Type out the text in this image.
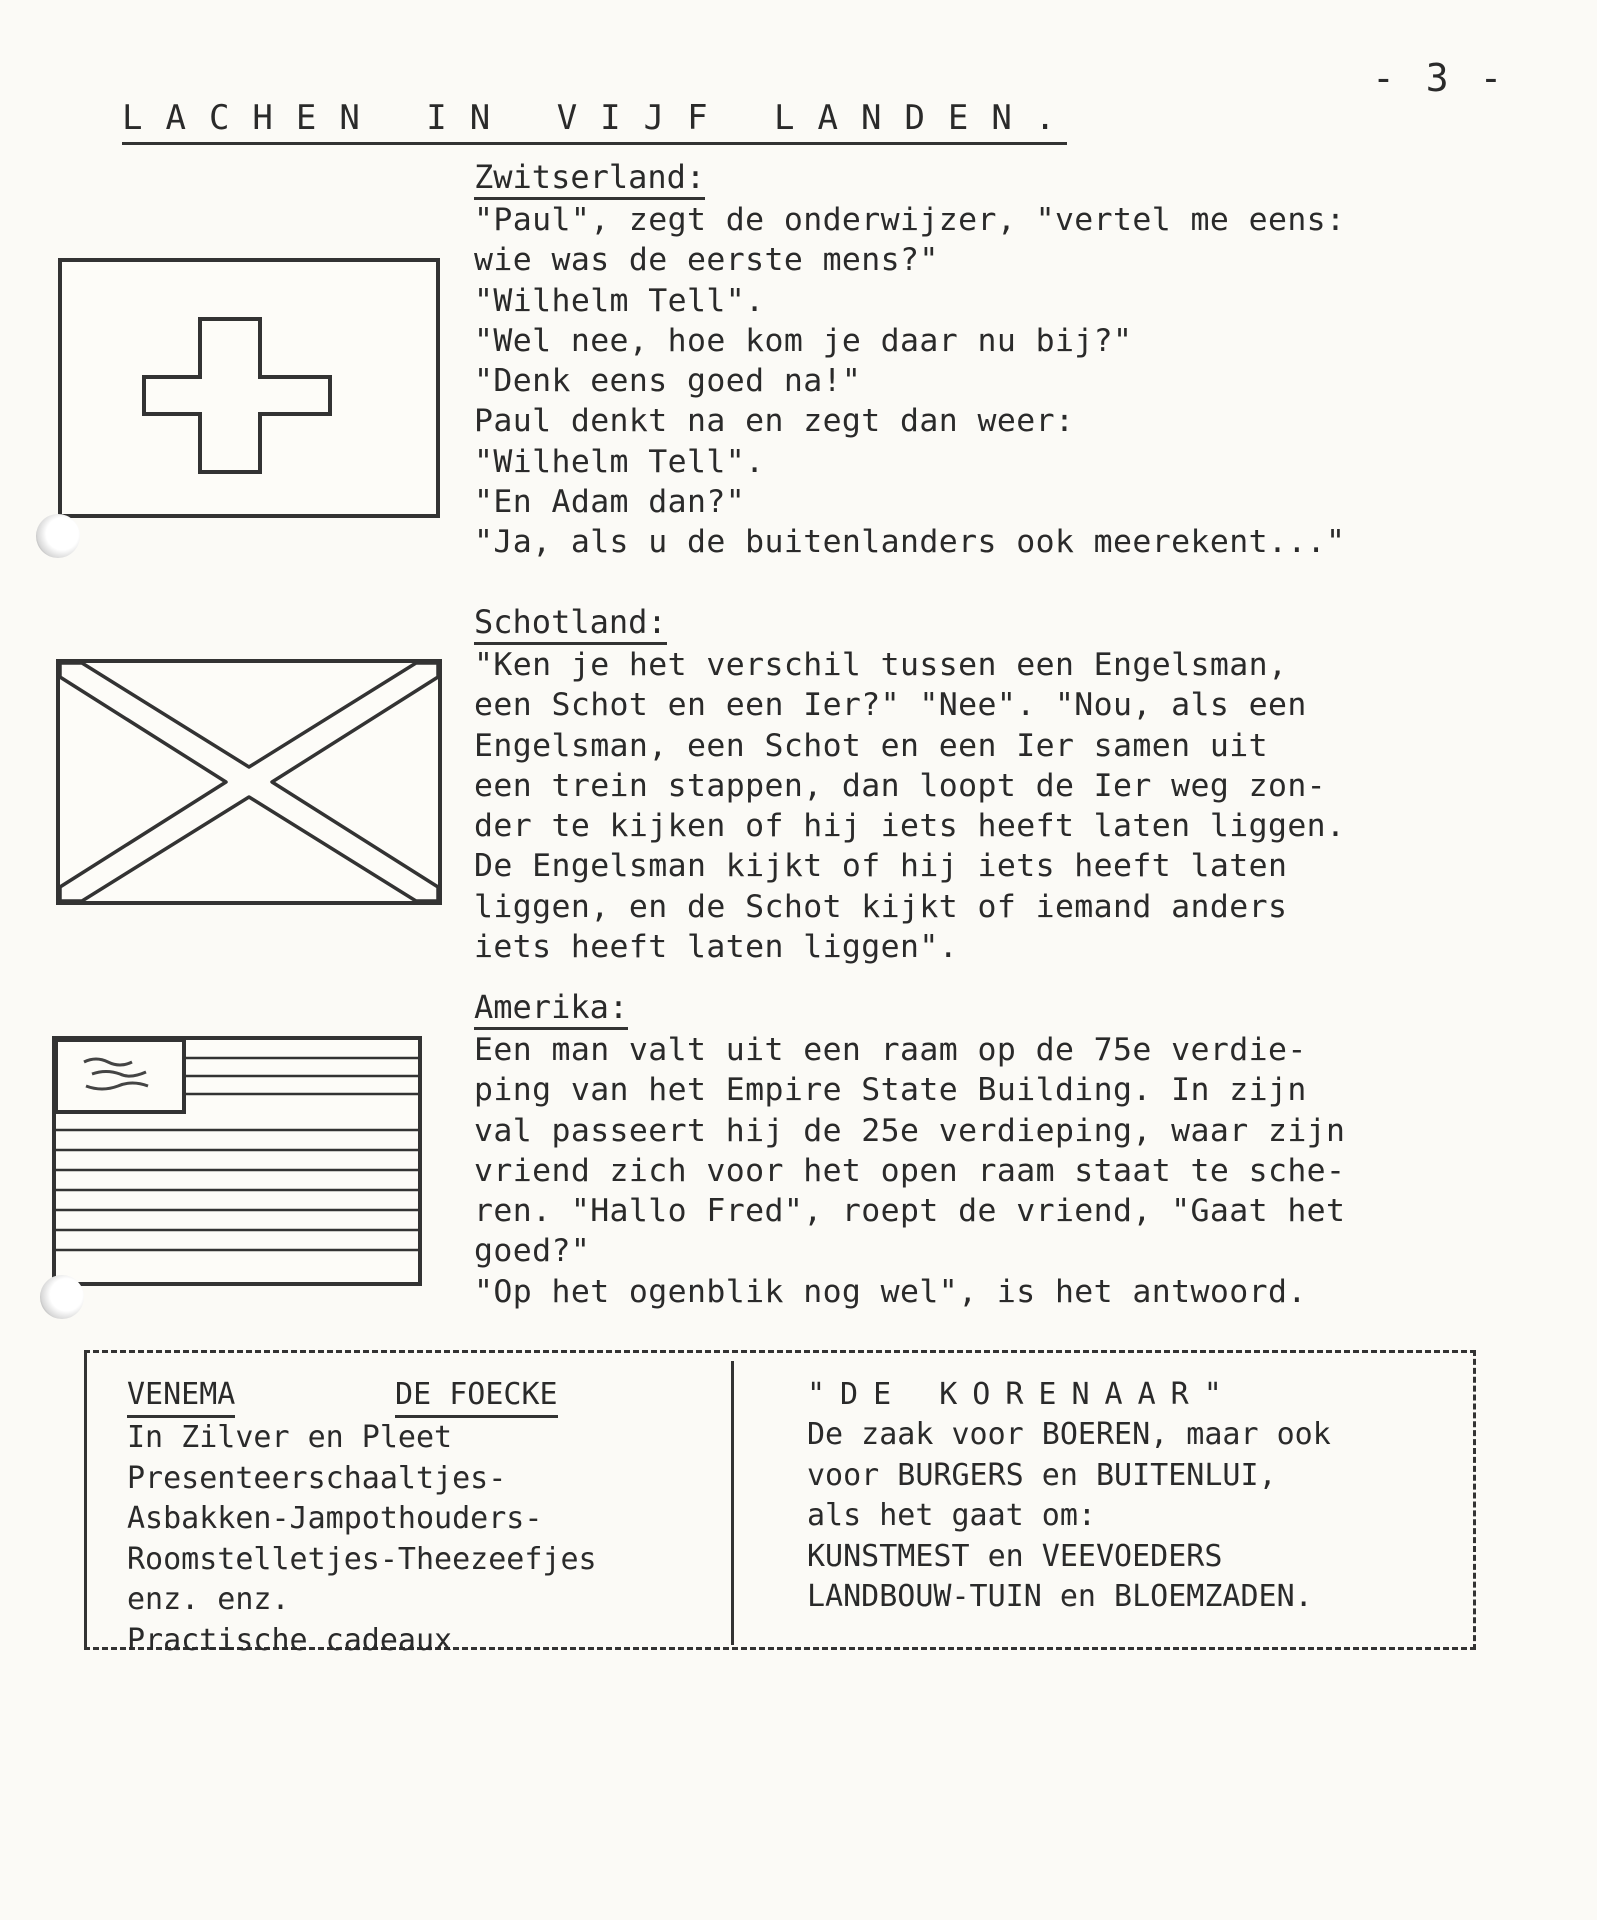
- 3 -
LACHEN IN VIJF LANDEN.
Zwitserland:
"Paul", zegt de onderwijzer, "vertel me eens:
wie was de eerste mens?"
"Wilhelm Tell".
"Wel nee, hoe kom je daar nu bij?"
"Denk eens goed na!"
Paul denkt na en zegt dan weer:
"Wilhelm Tell".
"En Adam dan?"
"Ja, als u de buitenlanders ook meerekent..."
Schotland:
"Ken je het verschil tussen een Engelsman,
een Schot en een Ier?" "Nee". "Nou, als een
Engelsman, een Schot en een Ier samen uit
een trein stappen, dan loopt de Ier weg zon-
der te kijken of hij iets heeft laten liggen.
De Engelsman kijkt of hij iets heeft laten
liggen, en de Schot kijkt of iemand anders
iets heeft laten liggen".
Amerika:
Een man valt uit een raam op de 75e verdie-
ping van het Empire State Building. In zijn
val passeert hij de 25e verdieping, waar zijn
vriend zich voor het open raam staat te sche-
ren. "Hallo Fred", roept de vriend, "Gaat het
goed?"
"Op het ogenblik nog wel", is het antwoord.
VENEMA	DE FOECKE
In Zilver en Pleet
Presenteerschaaltjes-
Asbakken-Jampothouders-
Roomstelletjes-Theezeefjes
enz. enz.
Practische cadeaux
"DE KORENAAR"
De zaak voor BOEREN, maar ook
voor BURGERS en BUITENLUI,
als het gaat om:
KUNSTMEST en VEEVOEDERS
LANDBOUW-TUIN en BLOEMZADEN.
